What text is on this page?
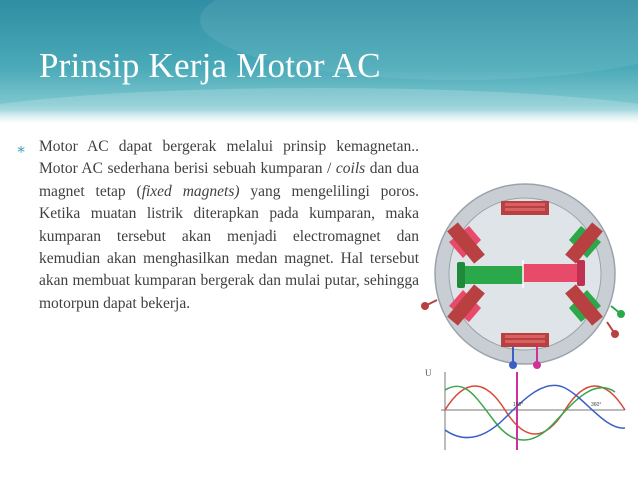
Prinsip Kerja Motor AC
∗ Motor AC dapat bergerak melalui prinsip kemagnetan.. Motor AC sederhana berisi sebuah kumparan / coils dan dua magnet tetap (fixed magnets) yang mengelilingi poros. Ketika muatan listrik diterapkan pada kumparan, maka kumparan tersebut akan menjadi electromagnet dan kemudian akan menghasilkan medan magnet. Hal tersebut akan membuat kumparan bergerak dan mulai putar, sehingga motorpun dapat bekerja.

U
180°	360°
